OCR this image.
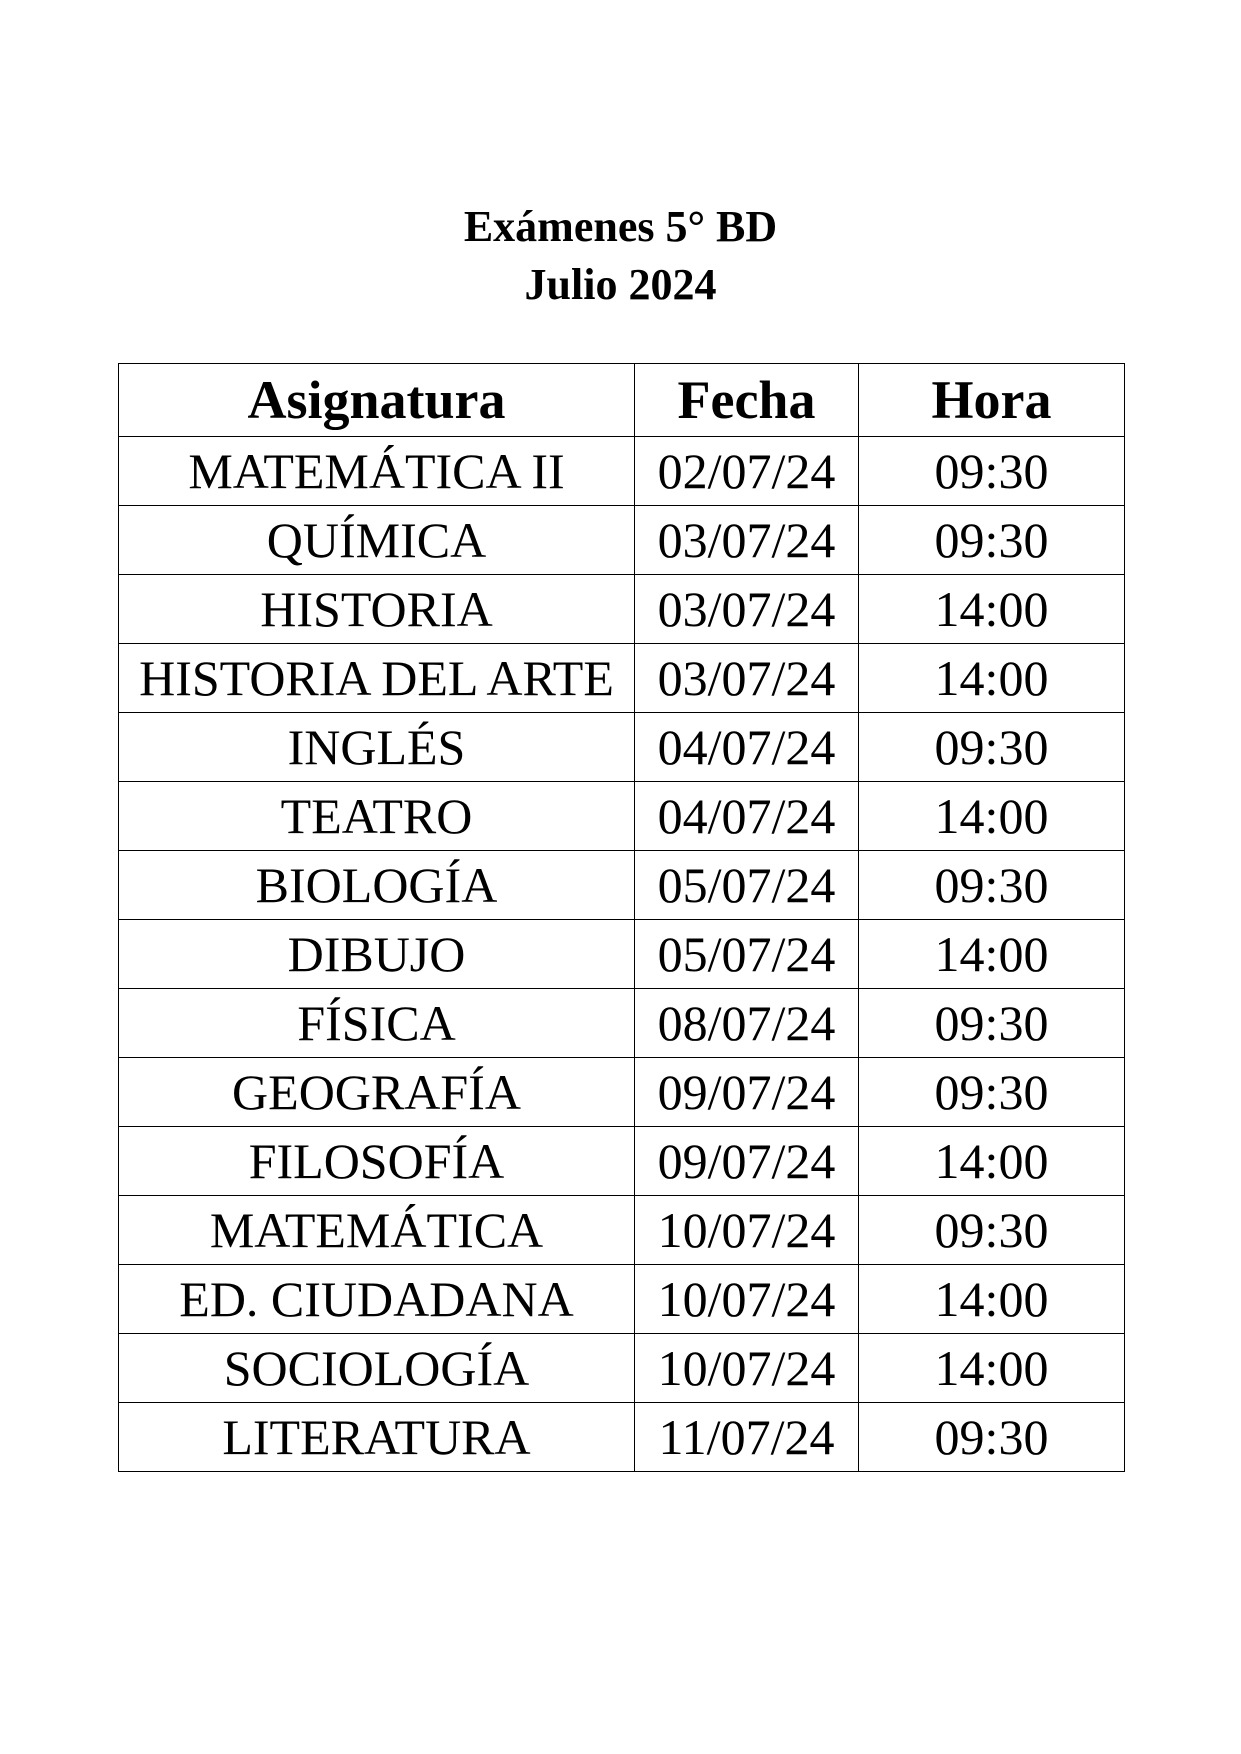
Exámenes 5° BD
Julio 2024
Asignatura	Fecha	Hora
MATEMÁTICA II	02/07/24	09:30
QUÍMICA	03/07/24	09:30
HISTORIA	03/07/24	14:00
HISTORIA DEL ARTE	03/07/24	14:00
INGLÉS	04/07/24	09:30
TEATRO	04/07/24	14:00
BIOLOGÍA	05/07/24	09:30
DIBUJO	05/07/24	14:00
FÍSICA	08/07/24	09:30
GEOGRAFÍA	09/07/24	09:30
FILOSOFÍA	09/07/24	14:00
MATEMÁTICA	10/07/24	09:30
ED. CIUDADANA	10/07/24	14:00
SOCIOLOGÍA	10/07/24	14:00
LITERATURA	11/07/24	09:30
